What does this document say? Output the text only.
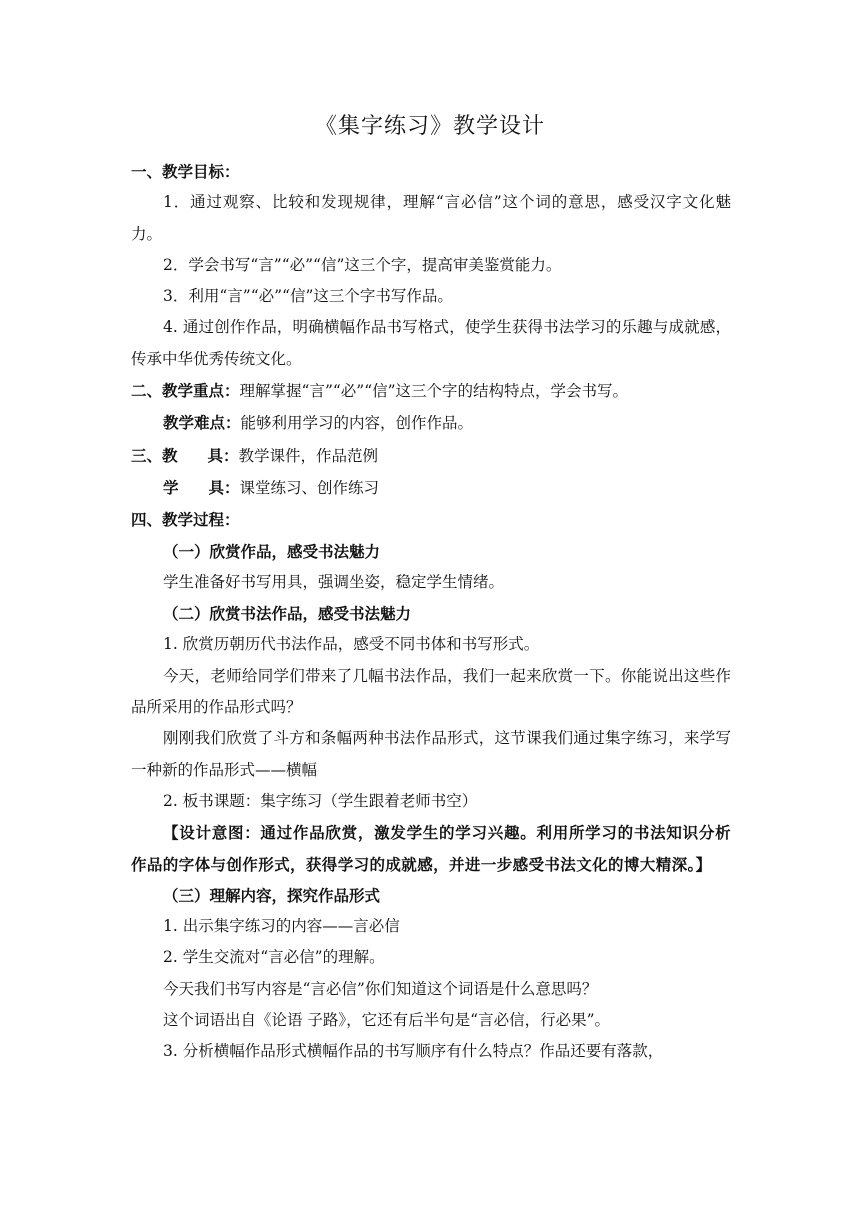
《集字练习》教学设计

一、教学目标：

1．通过观察、比较和发现规律，理解“言必信”这个词的意思，感受汉字文化魅力。

2．学会书写“言”“必”“信”这三个字，提高审美鉴赏能力。

3．利用“言”“必”“信”这三个字书写作品。

4. 通过创作作品，明确横幅作品书写格式，使学生获得书法学习的乐趣与成就感，传承中华优秀传统文化。

二、教学重点：理解掌握“言”“必”“信”这三个字的结构特点，学会书写。

教学难点：能够利用学习的内容，创作作品。

三、教 具：教学课件，作品范例

学 具：课堂练习、创作练习

四、教学过程：

（一）欣赏作品，感受书法魅力

学生准备好书写用具，强调坐姿，稳定学生情绪。

（二）欣赏书法作品，感受书法魅力

1. 欣赏历朝历代书法作品，感受不同书体和书写形式。

今天，老师给同学们带来了几幅书法作品，我们一起来欣赏一下。你能说出这些作品所采用的作品形式吗？

刚刚我们欣赏了斗方和条幅两种书法作品形式，这节课我们通过集字练习，来学写一种新的作品形式——横幅

2. 板书课题：集字练习（学生跟着老师书空）

【设计意图：通过作品欣赏，激发学生的学习兴趣。利用所学习的书法知识分析作品的字体与创作形式，获得学习的成就感，并进一步感受书法文化的博大精深。】

（三）理解内容，探究作品形式

1. 出示集字练习的内容——言必信

2. 学生交流对“言必信”的理解。

今天我们书写内容是“言必信”你们知道这个词语是什么意思吗？

这个词语出自《论语 子路》，它还有后半句是“言必信，行必果”。

3. 分析横幅作品形式横幅作品的书写顺序有什么特点？作品还要有落款，
